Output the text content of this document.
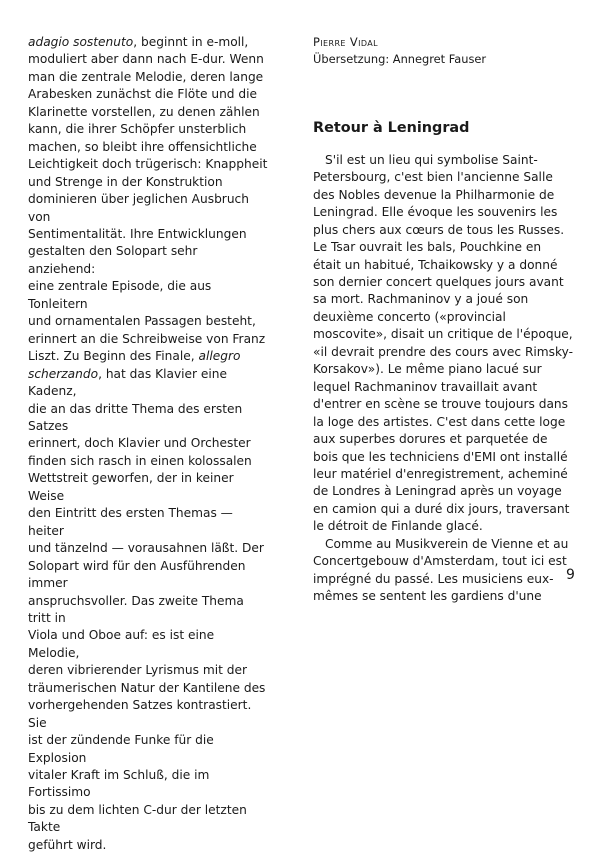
adagio sostenuto, beginnt in e-moll,

moduliert aber dann nach E-dur. Wenn

man die zentrale Melodie, deren lange

Arabesken zunächst die Flöte und die

Klarinette vorstellen, zu denen zählen

kann, die ihrer Schöpfer unsterblich

machen, so bleibt ihre offensichtliche

Leichtigkeit doch trügerisch: Knappheit

und Strenge in der Konstruktion

dominieren über jeglichen Ausbruch von

Sentimentalität. Ihre Entwicklungen

gestalten den Solopart sehr anziehend:

eine zentrale Episode, die aus Tonleitern

und ornamentalen Passagen besteht,

erinnert an die Schreibweise von Franz

Liszt. Zu Beginn des Finale, allegro

scherzando, hat das Klavier eine Kadenz,

die an das dritte Thema des ersten Satzes

erinnert, doch Klavier und Orchester

finden sich rasch in einen kolossalen

Wettstreit geworfen, der in keiner Weise

den Eintritt des ersten Themas — heiter

und tänzelnd — vorausahnen läßt. Der

Solopart wird für den Ausführenden immer

anspruchsvoller. Das zweite Thema tritt in

Viola und Oboe auf: es ist eine Melodie,

deren vibrierender Lyrismus mit der

träumerischen Natur der Kantilene des

vorhergehenden Satzes kontrastiert. Sie

ist der zündende Funke für die Explosion

vitaler Kraft im Schluß, die im Fortissimo

bis zu dem lichten C-dur der letzten Takte

geführt wird.

Pierre Vidal

Übersetzung: Annegret Fauser

Retour à Leningrad

S'il est un lieu qui symbolise Saint-

Petersbourg, c'est bien l'ancienne Salle

des Nobles devenue la Philharmonie de

Leningrad. Elle évoque les souvenirs les

plus chers aux cœurs de tous les Russes.

Le Tsar ouvrait les bals, Pouchkine en

était un habitué, Tchaikowsky y a donné

son dernier concert quelques jours avant

sa mort. Rachmaninov y a joué son

deuxième concerto («provincial

moscovite», disait un critique de l'époque,

«il devrait prendre des cours avec Rimsky-

Korsakov»). Le même piano lacué sur

lequel Rachmaninov travaillait avant

d'entrer en scène se trouve toujours dans

la loge des artistes. C'est dans cette loge

aux superbes dorures et parquetée de

bois que les techniciens d'EMI ont installé

leur matériel d'enregistrement, acheminé

de Londres à Leningrad après un voyage

en camion qui a duré dix jours, traversant

le détroit de Finlande glacé.

Comme au Musikverein de Vienne et au

Concertgebouw d'Amsterdam, tout ici est

imprégné du passé. Les musiciens eux-

mêmes se sentent les gardiens d'une

9
